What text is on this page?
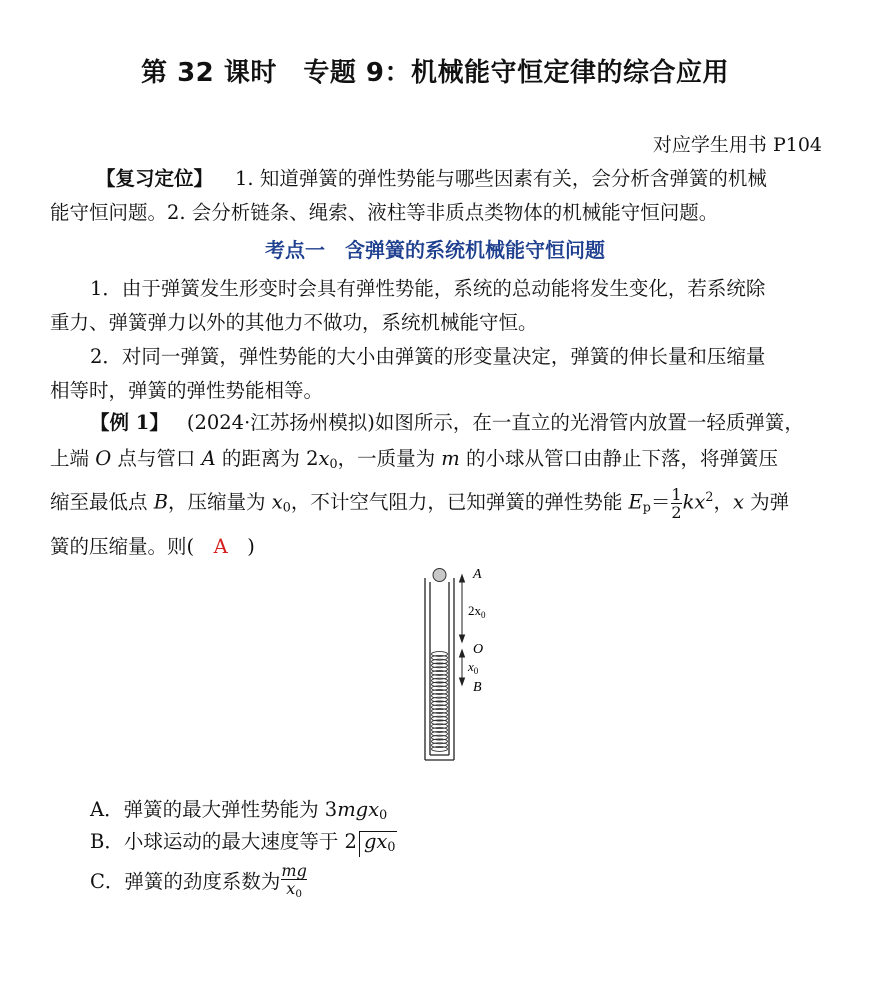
第 32 课时　专题 9：机械能守恒定律的综合应用
对应学生用书 P104
【复习定位】 1. 知道弹簧的弹性势能与哪些因素有关，会分析含弹簧的机械
能守恒问题。2. 会分析链条、绳索、液柱等非质点类物体的机械能守恒问题。
考点一　含弹簧的系统机械能守恒问题
1．由于弹簧发生形变时会具有弹性势能，系统的总动能将发生变化，若系统除
重力、弹簧弹力以外的其他力不做功，系统机械能守恒。
2．对同一弹簧，弹性势能的大小由弹簧的形变量决定，弹簧的伸长量和压缩量
相等时，弹簧的弹性势能相等。
【例 1】 (2024·江苏扬州模拟)如图所示，在一直立的光滑管内放置一轻质弹簧，
上端 O 点与管口 A 的距离为 $2x_0$，一质量为 m 的小球从管口由静止下落，将弹簧压
缩至最低点 B，压缩量为 $x_0$，不计空气阻力，已知弹簧的弹性势能 $E_p= \frac{1}{2} kx^2$，x 为弹
簧的压缩量。则(　A　)
A
$2x_0$
O
$x_0$
B
A．弹簧的最大弹性势能为 3mgx$_0$
B．小球运动的最大速度等于 2 $gx_0$
C．弹簧的劲度系数为 $\frac{mg}{x_0}$
